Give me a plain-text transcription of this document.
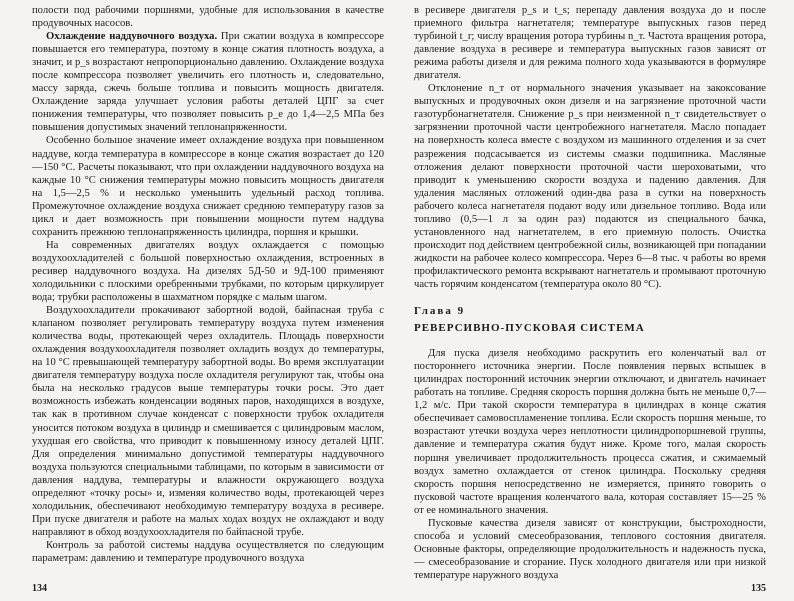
полости под рабочими поршнями, удобные для использования в качестве продувочных насосов.

Охлаждение наддувочного воздуха. При сжатии воздуха в компрессоре повышается его температура, поэтому в конце сжатия плотность воздуха, а значит, и p_s возрастают непропорционально давлению. Охлаждение воздуха после компрессора позволяет увеличить его плотность и, следовательно, массу заряда, сжечь больше топлива и повысить мощность двигателя. Охлаждение заряда улучшает условия работы деталей ЦПГ за счет понижения температуры, что позволяет повысить p_e до 1,4—2,5 МПа без повышения допустимых значений теплонапряженности.

Особенно большое значение имеет охлаждение воздуха при повышенном наддуве, когда температура в компрессоре в конце сжатия возрастает до 120—150 °С. Расчеты показывают, что при охлаждении наддувочного воздуха на каждые 10 °С снижения температуры можно повысить мощность двигателя на 1,5—2,5 % и несколько уменьшить удельный расход топлива. Промежуточное охлаждение воздуха снижает среднюю температуру газов за цикл и дает возможность при повышении мощности путем наддува сохранить прежнюю теплонапряженность цилиндра, поршня и крышки.

На современных двигателях воздух охлаждается с помощью воздухоохладителей с большой поверхностью охлаждения, встроенных в ресивер наддувочного воздуха. На дизелях 5Д-50 и 9Д-100 применяют холодильники с плоскими оребренными трубками, по которым циркулирует вода; трубки расположены в шахматном порядке с малым шагом.

Воздухоохладители прокачивают забортной водой, байпасная труба с клапаном позволяет регулировать температуру воздуха путем изменения количества воды, протекающей через охладитель. Площадь поверхности охлаждения воздухоохладителя позволяет охладить воздух до температуры, на 10 °С превышающей температуру забортной воды. Во время эксплуатации двигателя температуру воздуха после охладителя регулируют так, чтобы она была на несколько градусов выше температуры точки росы. Это дает возможность избежать конденсации водяных паров, находящихся в воздухе, так как в противном случае конденсат с поверхности трубок охладителя уносится потоком воздуха в цилиндр и смешивается с цилиндровым маслом, ухудшая его свойства, что приводит к повышенному износу деталей ЦПГ. Для определения минимально допустимой температуры наддувочного воздуха пользуются специальными таблицами, по которым в зависимости от давления наддува, температуры и влажности окружающего воздуха определяют «точку росы» и, изменяя количество воды, протекающей через холодильник, обеспечивают необходимую температуру воздуха в ресивере. При пуске двигателя и работе на малых ходах воздух не охлаждают и воду направляют в обход воздухоохладителя по байпасной трубе.

Контроль за работой системы наддува осуществляется по следующим параметрам: давлению и температуре продувочного воздуха

134

в ресивере двигателя p_s и t_s; перепаду давления воздуха до и после приемного фильтра нагнетателя; температуре выпускных газов перед турбиной t_r; числу вращения ротора турбины n_т. Частота вращения ротора, давление воздуха в ресивере и температура выпускных газов зависят от режима работы дизеля и для режима полного хода указываются в формуляре двигателя.

Отклонение n_т от нормального значения указывает на закоксование выпускных и продувочных окон дизеля и на загрязнение проточной части газотурбонагнетателя. Снижение p_s при неизменной n_т свидетельствует о загрязнении проточной части центробежного нагнетателя. Масло попадает на поверхность колеса вместе с воздухом из машинного отделения и за счет разрежения подсасывается из системы смазки подшипника. Масляные отложения делают поверхности проточной части шероховатыми, что приводит к уменьшению скорости воздуха и падению давления. Для удаления масляных отложений один-два раза в сутки на поверхность рабочего колеса нагнетателя подают воду или дизельное топливо. Вода или топливо (0,5—1 л за один раз) подаются из специального бачка, установленного над нагнетателем, в его приемную полость. Очистка происходит под действием центробежной силы, возникающей при попадании жидкости на рабочее колесо компрессора. Через 6—8 тыс. ч работы во время профилактического ремонта вскрывают нагнетатель и промывают проточную часть горячим конденсатом (температура около 80 °С).

Глава 9
РЕВЕРСИВНО-ПУСКОВАЯ СИСТЕМА

Для пуска дизеля необходимо раскрутить его коленчатый вал от постороннего источника энергии. После появления первых вспышек в цилиндрах посторонний источник энергии отключают, и двигатель начинает работать на топливе. Средняя скорость поршня должна быть не меньше 0,7—1,2 м/с. При такой скорости температура в цилиндрах в конце сжатия обеспечивает самовоспламенение топлива. Если скорость поршня меньше, то возрастают утечки воздуха через неплотности цилиндропоршневой группы, давление и температура сжатия будут ниже. Кроме того, малая скорость поршня увеличивает продолжительность процесса сжатия, и сжимаемый воздух заметно охлаждается от стенок цилиндра. Поскольку средняя скорость поршня непосредственно не измеряется, принято говорить о пусковой частоте вращения коленчатого вала, которая составляет 15—25 % от ее номинального значения.

Пусковые качества дизеля зависят от конструкции, быстроходности, способа и условий смесеобразования, теплового состояния двигателя. Основные факторы, определяющие продолжительность и надежность пуска, — смесеобразование и сгорание. Пуск холодного двигателя или при низкой температуре наружного воздуха

135
